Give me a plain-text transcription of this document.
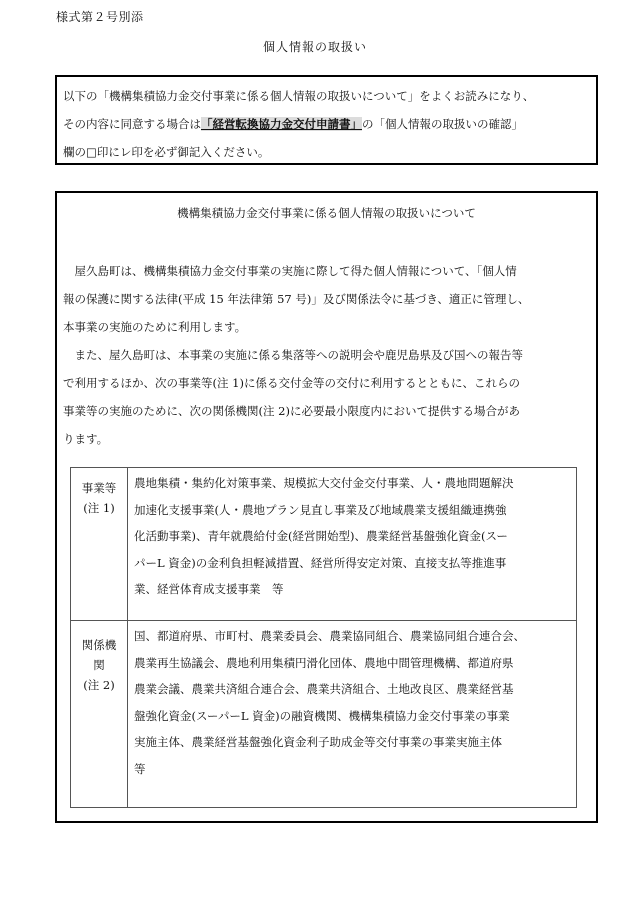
様式第２号別添
個人情報の取扱い
以下の「機構集積協力金交付事業に係る個人情報の取扱いについて」をよくお読みになり、
その内容に同意する場合は「経営転換協力金交付申請書」の「個人情報の取扱いの確認」
欄の□印にレ印を必ず御記入ください。
機構集積協力金交付事業に係る個人情報の取扱いについて
　屋久島町は、機構集積協力金交付事業の実施に際して得た個人情報について、「個人情
報の保護に関する法律(平成 15 年法律第 57 号)」及び関係法令に基づき、適正に管理し、
本事業の実施のために利用します。
　また、屋久島町は、本事業の実施に係る集落等への説明会や鹿児島県及び国への報告等
で利用するほか、次の事業等(注 1)に係る交付金等の交付に利用するとともに、これらの
事業等の実施のために、次の関係機関(注 2)に必要最小限度内において提供する場合があ
ります。
事業等
(注 1)
農地集積・集約化対策事業、規模拡大交付金交付事業、人・農地問題解決
加速化支援事業(人・農地プラン見直し事業及び地域農業支援組織連携強
化活動事業)、青年就農給付金(経営開始型)、農業経営基盤強化資金(スー
パーL 資金)の金利負担軽減措置、経営所得安定対策、直接支払等推進事
業、経営体育成支援事業　等
関係機
関
(注 2)
国、都道府県、市町村、農業委員会、農業協同組合、農業協同組合連合会、
農業再生協議会、農地利用集積円滑化団体、農地中間管理機構、都道府県
農業会議、農業共済組合連合会、農業共済組合、土地改良区、農業経営基
盤強化資金(スーパーL 資金)の融資機関、機構集積協力金交付事業の事業
実施主体、農業経営基盤強化資金利子助成金等交付事業の事業実施主体
等
